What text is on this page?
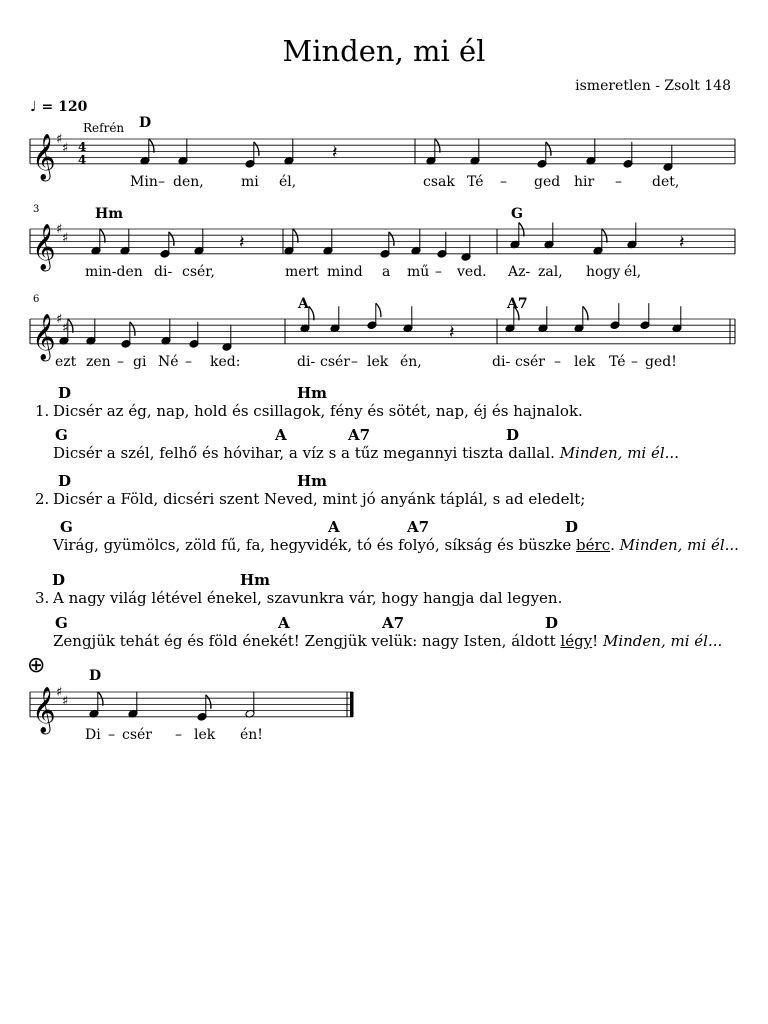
Minden, mi él
ismeretlen - Zsolt 148
♩ = 120
𝄞 ♯
♯ 4
4	𝄽
𝄞 ♯
♯	𝄽	𝄽
𝄞 ♯
♯	𝄽
𝄞 ♯
♯
Refrén D
Min – den,	mi él,	csak Té – ged hir – det,
3	Hm	G
min-den di- csér,	mert mind a mű – ved. Az- zal, hogy él,
6	A	A7
ezt zen – gi Né – ked:	di- csér – lek én,	di- csér – lek Té – ged!
D	Hm
1. Dicsér az ég, nap, hold és csillagok, fény és sötét, nap, éj és hajnalok.
G	A	A7	D
Dicsér a szél, felhő és hóvihar, a víz s a tűz megannyi tiszta dallal. Minden, mi él...
D	Hm
2. Dicsér a Föld, dicséri szent Neved, mint jó anyánk táplál, s ad eledelt;
G	A	A7	D
Virág, gyümölcs, zöld fű, fa, hegyvidék, tó és folyó, síkság és büszke bérc. Minden, mi él...
D	Hm
3. A nagy világ létével énekel, szavunkra vár, hogy hangja dal legyen.
G	A	A7	D
Zengjük tehát ég és föld énekét! Zengjük velük: nagy Isten, áldott légy! Minden, mi él...
⊕	D
Di – csér – lek én!
